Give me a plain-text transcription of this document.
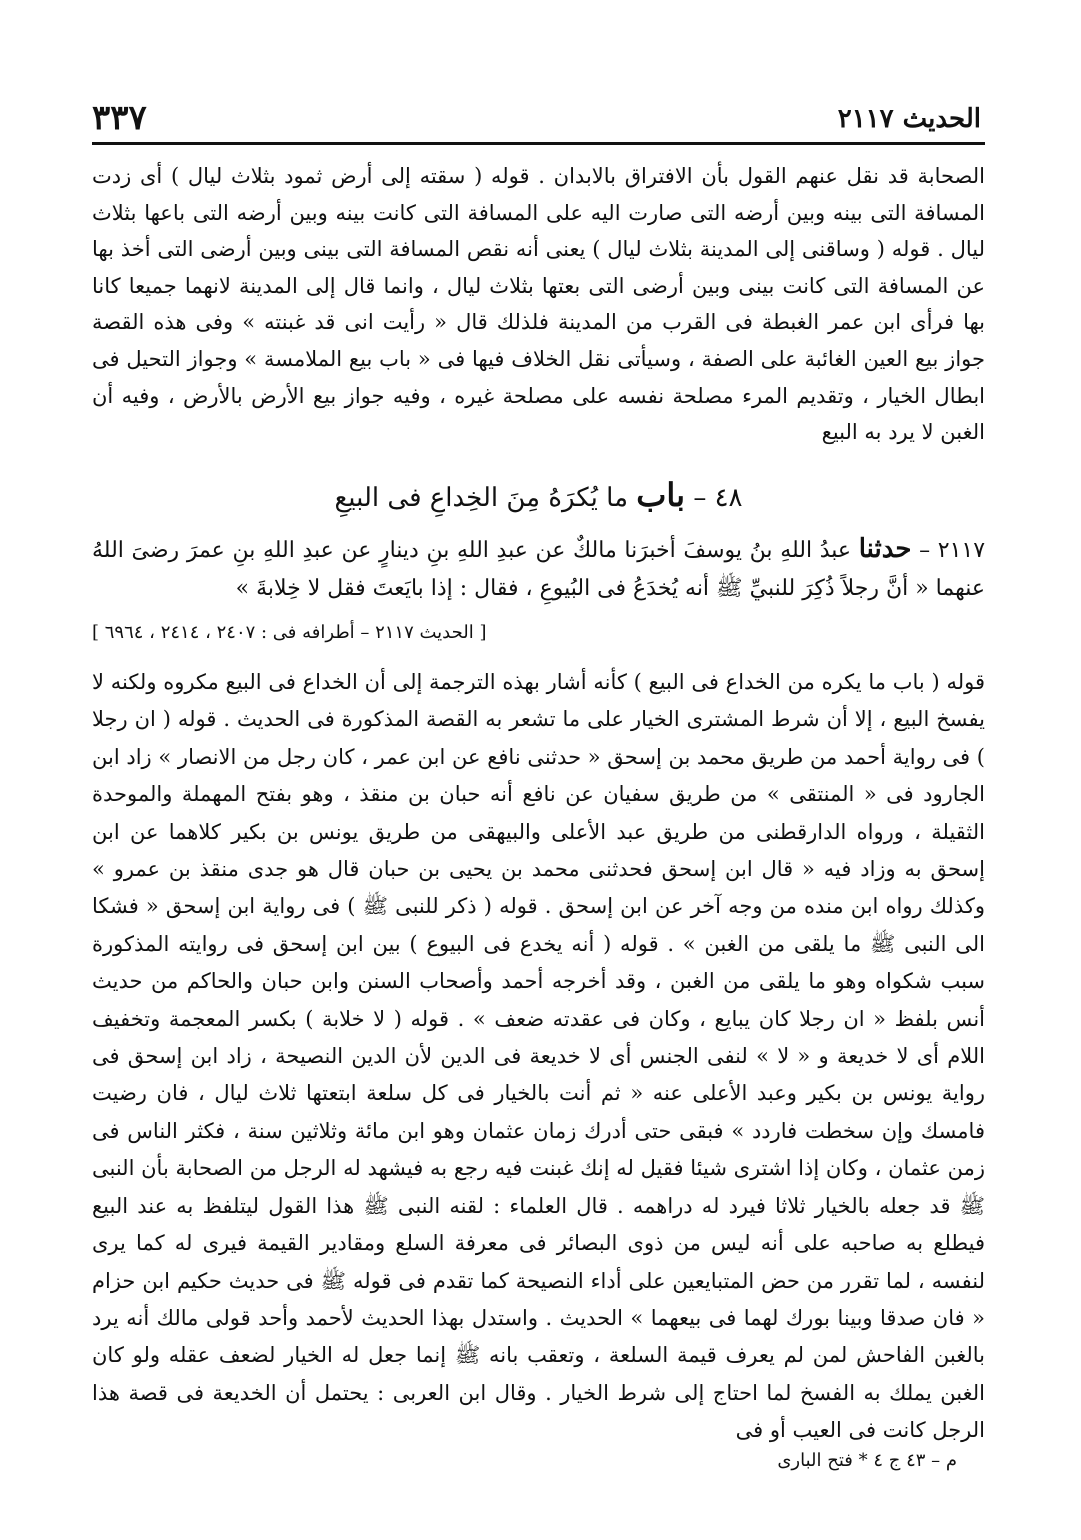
٣٣٧	الحديث ٢١١٧
الصحابة قد نقل عنهم القول بأن الافتراق بالابدان . قوله ( سقته إلى أرض ثمود بثلاث ليال ) أى زدت المسافة التى بينه وبين أرضه التى صارت اليه على المسافة التى كانت بينه وبين أرضه التى باعها بثلاث ليال . قوله ( وساقنى إلى المدينة بثلاث ليال ) يعنى أنه نقص المسافة التى بينى وبين أرضى التى أخذ بها عن المسافة التى كانت بينى وبين أرضى التى بعتها بثلاث ليال ، وانما قال إلى المدينة لانهما جميعا كانا بها فرأى ابن عمر الغبطة فى القرب من المدينة فلذلك قال « رأيت انى قد غبنته » وفى هذه القصة جواز بيع العين الغائبة على الصفة ، وسيأتى نقل الخلاف فيها فى « باب بيع الملامسة » وجواز التحيل فى ابطال الخيار ، وتقديم المرء مصلحة نفسه على مصلحة غيره ، وفيه جواز بيع الأرض بالأرض ، وفيه أن الغبن لا يرد به البيع
٤٨ – باب ما يُكرَهُ مِنَ الخِداعِ فى البيعِ
٢١١٧ – حدثنا عبدُ اللهِ بنُ يوسفَ أخبرَنا مالكٌ عن عبدِ اللهِ بنِ دينارٍ عن عبدِ اللهِ بنِ عمرَ رضىَ اللهُ عنهما « أنَّ رجلاً ذُكِرَ للنبيِّ ﷺ أنه يُخدَعُ فى البُيوعِ ، فقال : إذا بايَعتَ فقل لا خِلابةَ »
[ الحديث ٢١١٧ – أطرافه فى : ٢٤٠٧ ، ٢٤١٤ ، ٦٩٦٤ ]
قوله ( باب ما يكره من الخداع فى البيع ) كأنه أشار بهذه الترجمة إلى أن الخداع فى البيع مكروه ولكنه لا يفسخ البيع ، إلا أن شرط المشترى الخيار على ما تشعر به القصة المذكورة فى الحديث . قوله ( ان رجلا ) فى رواية أحمد من طريق محمد بن إسحق « حدثنى نافع عن ابن عمر ، كان رجل من الانصار » زاد ابن الجارود فى « المنتقى » من طريق سفيان عن نافع أنه حبان بن منقذ ، وهو بفتح المهملة والموحدة الثقيلة ، ورواه الدارقطنى من طريق عبد الأعلى والبيهقى من طريق يونس بن بكير كلاهما عن ابن إسحق به وزاد فيه « قال ابن إسحق فحدثنى محمد بن يحيى بن حبان قال هو جدى منقذ بن عمرو » وكذلك رواه ابن منده من وجه آخر عن ابن إسحق . قوله ( ذكر للنبى ﷺ ) فى رواية ابن إسحق « فشكا الى النبى ﷺ ما يلقى من الغبن » . قوله ( أنه يخدع فى البيوع ) بين ابن إسحق فى روايته المذكورة سبب شكواه وهو ما يلقى من الغبن ، وقد أخرجه أحمد وأصحاب السنن وابن حبان والحاكم من حديث أنس بلفظ « ان رجلا كان يبايع ، وكان فى عقدته ضعف » . قوله ( لا خلابة ) بكسر المعجمة وتخفيف اللام أى لا خديعة و « لا » لنفى الجنس أى لا خديعة فى الدين لأن الدين النصيحة ، زاد ابن إسحق فى رواية يونس بن بكير وعبد الأعلى عنه « ثم أنت بالخيار فى كل سلعة ابتعتها ثلاث ليال ، فان رضيت فامسك وإن سخطت فاردد » فبقى حتى أدرك زمان عثمان وهو ابن مائة وثلاثين سنة ، فكثر الناس فى زمن عثمان ، وكان إذا اشترى شيئا فقيل له إنك غبنت فيه رجع به فيشهد له الرجل من الصحابة بأن النبى ﷺ قد جعله بالخيار ثلاثا فيرد له دراهمه . قال العلماء : لقنه النبى ﷺ هذا القول ليتلفظ به عند البيع فيطلع به صاحبه على أنه ليس من ذوى البصائر فى معرفة السلع ومقادير القيمة فيرى له كما يرى لنفسه ، لما تقرر من حض المتبايعين على أداء النصيحة كما تقدم فى قوله ﷺ فى حديث حكيم ابن حزام « فان صدقا وبينا بورك لهما فى بيعهما » الحديث . واستدل بهذا الحديث لأحمد وأحد قولى مالك أنه يرد بالغبن الفاحش لمن لم يعرف قيمة السلعة ، وتعقب بانه ﷺ إنما جعل له الخيار لضعف عقله ولو كان الغبن يملك به الفسخ لما احتاج إلى شرط الخيار . وقال ابن العربى : يحتمل أن الخديعة فى قصة هذا الرجل كانت فى العيب أو فى
م – ٤٣ ج ٤ * فتح البارى
